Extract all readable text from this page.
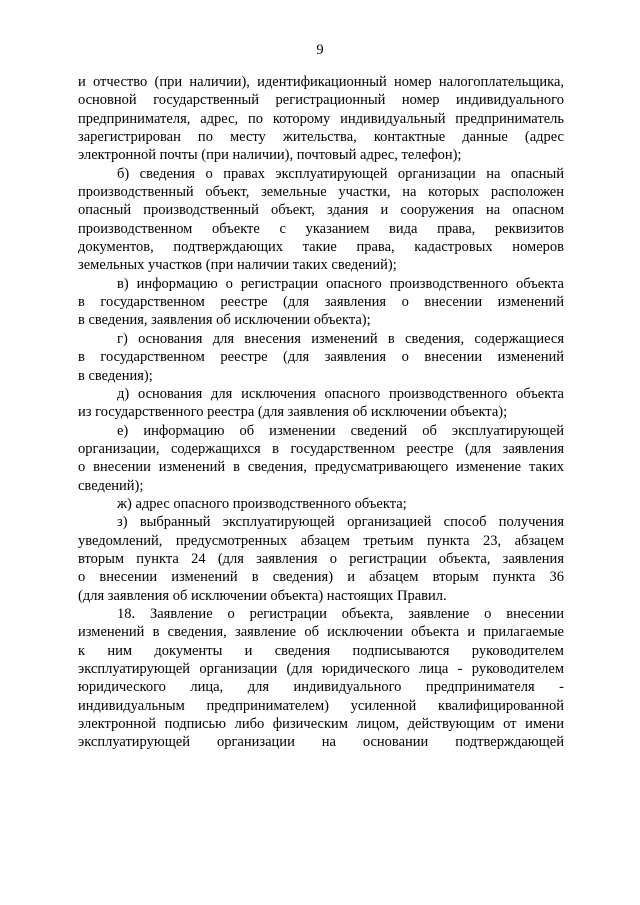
9
и отчество (при наличии), идентификационный номер налогоплательщика,
основной государственный регистрационный номер индивидуального
предпринимателя, адрес, по которому индивидуальный предприниматель
зарегистрирован по месту жительства, контактные данные (адрес
электронной почты (при наличии), почтовый адрес, телефон);
б) сведения о правах эксплуатирующей организации на опасный
производственный объект, земельные участки, на которых расположен
опасный производственный объект, здания и сооружения на опасном
производственном объекте с указанием вида права, реквизитов
документов, подтверждающих такие права, кадастровых номеров
земельных участков (при наличии таких сведений);
в) информацию о регистрации опасного производственного объекта
в государственном реестре (для заявления о внесении изменений
в сведения, заявления об исключении объекта);
г) основания для внесения изменений в сведения, содержащиеся
в государственном реестре (для заявления о внесении изменений
в сведения);
д) основания для исключения опасного производственного объекта
из государственного реестра (для заявления об исключении объекта);
е) информацию об изменении сведений об эксплуатирующей
организации, содержащихся в государственном реестре (для заявления
о внесении изменений в сведения, предусматривающего изменение таких
сведений);
ж) адрес опасного производственного объекта;
з) выбранный эксплуатирующей организацией способ получения
уведомлений, предусмотренных абзацем третьим пункта 23, абзацем
вторым пункта 24 (для заявления о регистрации объекта, заявления
о внесении изменений в сведения) и абзацем вторым пункта 36
(для заявления об исключении объекта) настоящих Правил.
18. Заявление о регистрации объекта, заявление о внесении
изменений в сведения, заявление об исключении объекта и прилагаемые
к ним документы и сведения подписываются руководителем
эксплуатирующей организации (для юридического лица - руководителем
юридического лица, для индивидуального предпринимателя -
индивидуальным предпринимателем) усиленной квалифицированной
электронной подписью либо физическим лицом, действующим от имени
эксплуатирующей организации на основании подтверждающей
